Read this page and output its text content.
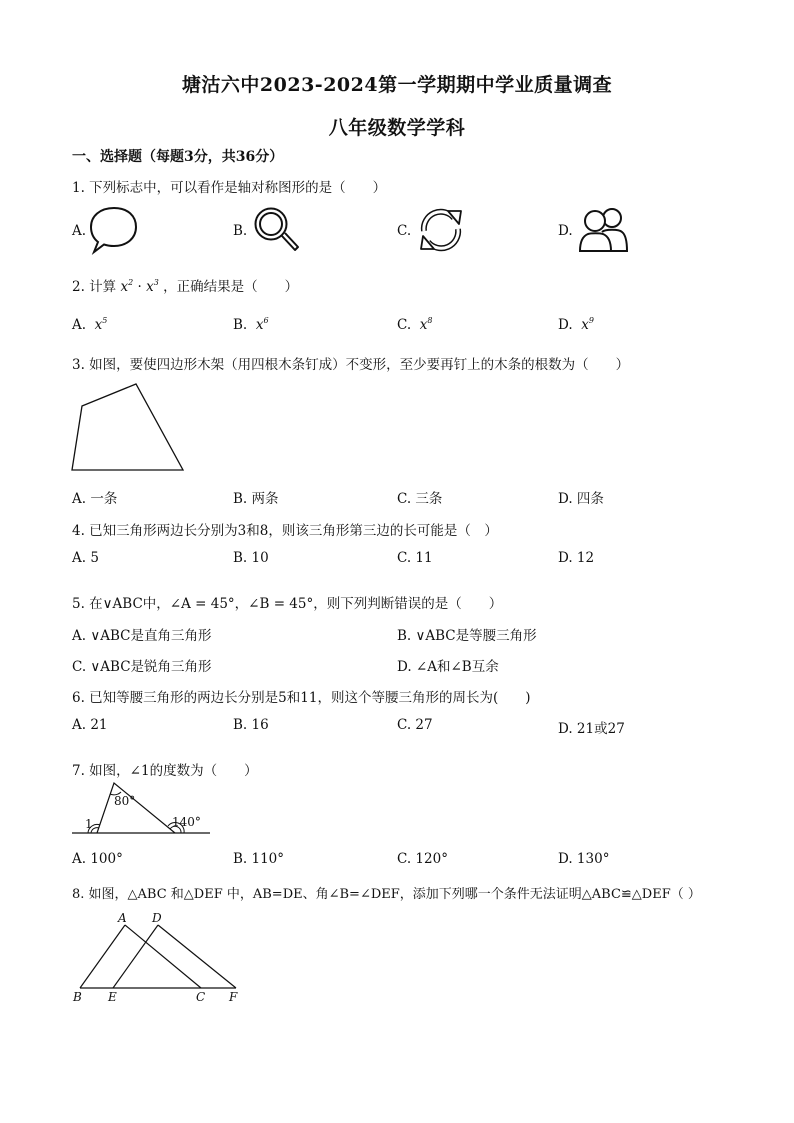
塘沽六中2023-2024第一学期期中学业质量调查
八年级数学学科
一、选择题（每题3分，共36分）
1. 下列标志中，可以看作是轴对称图形的是（　　）
A.	B.	C.	D.
2. 计算 $x^2 \cdot x^3$ ，正确结果是（　　）
A. $x^5$	B. $x^6$	C. $x^8$	D. $x^9$
3. 如图，要使四边形木架（用四根木条钉成）不变形，至少要再钉上的木条的根数为（　　）
A. 一条	B. 两条	C. 三条	D. 四条
4. 已知三角形两边长分别为3和8，则该三角形第三边的长可能是（　）
A. 5	B. 10	C. 11	D. 12
5. 在∨ABC中，∠A = 45°，∠B = 45°，则下列判断错误的是（　　）
A. ∨ABC是直角三角形	B. ∨ABC是等腰三角形
C. ∨ABC是锐角三角形	D. ∠A和∠B互余
6. 已知等腰三角形的两边长分别是5和11，则这个等腰三角形的周长为(　　)
A. 21	B. 16	C. 27	D. 21或27
7. 如图，∠1的度数为（　　）
80°
140°
1
A. 100°	B. 110°	C. 120°	D. 130°
8. 如图，△ABC 和△DEF 中，AB=DE、角∠B=∠DEF，添加下列哪一个条件无法证明△ABC≌△DEF（ ）
A D
B E	C F
